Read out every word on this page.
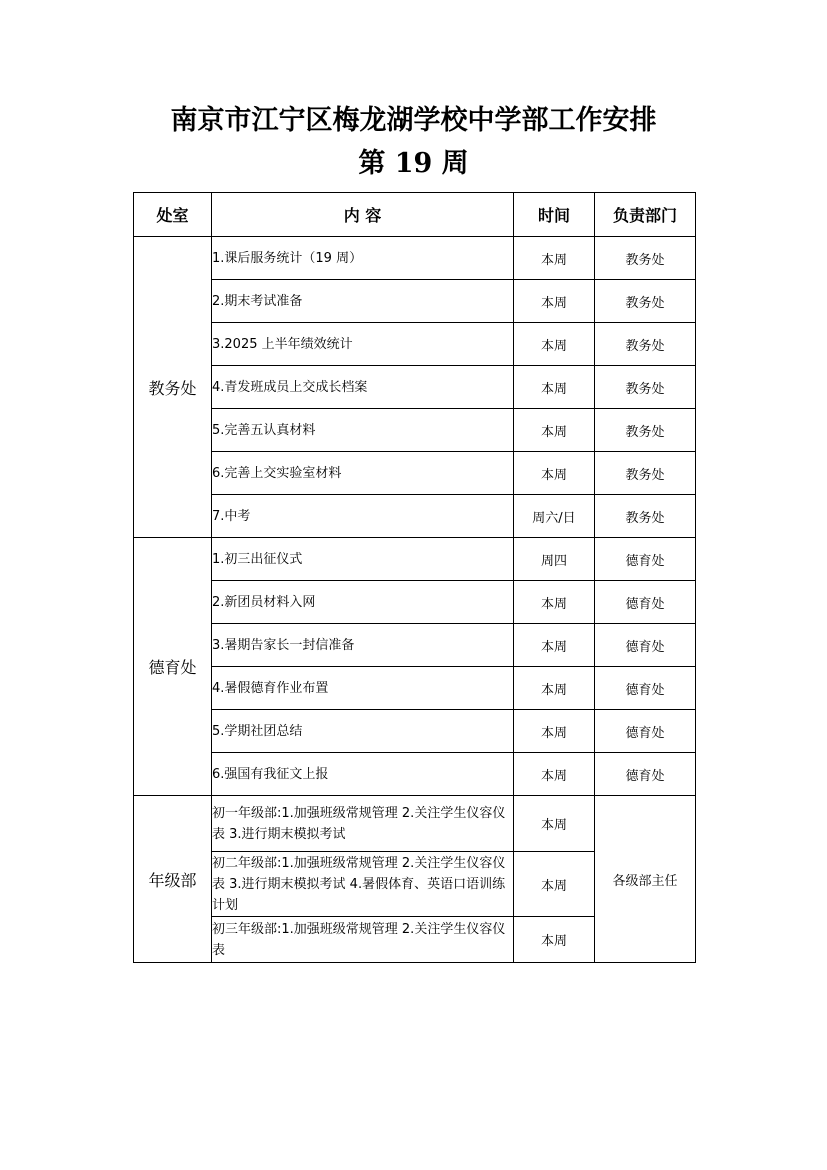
南京市江宁区梅龙湖学校中学部工作安排
第 19 周
处室	内 容	时间	负责部门
教务处	1.课后服务统计（19 周）	本周	教务处
	2.期末考试准备	本周	教务处
	3.2025 上半年绩效统计	本周	教务处
	4.青发班成员上交成长档案	本周	教务处
	5.完善五认真材料	本周	教务处
	6.完善上交实验室材料	本周	教务处
	7.中考	周六/日	教务处
德育处	1.初三出征仪式	周四	德育处
	2.新团员材料入网	本周	德育处
	3.暑期告家长一封信准备	本周	德育处
	4.暑假德育作业布置	本周	德育处
	5.学期社团总结	本周	德育处
	6.强国有我征文上报	本周	德育处
年级部	初一年级部:1.加强班级常规管理 2.关注学生仪容仪表 3.进行期末模拟考试	本周	各级部主任
	初二年级部:1.加强班级常规管理 2.关注学生仪容仪表 3.进行期末模拟考试 4.暑假体育、英语口语训练计划	本周	
	初三年级部:1.加强班级常规管理 2.关注学生仪容仪表	本周	
